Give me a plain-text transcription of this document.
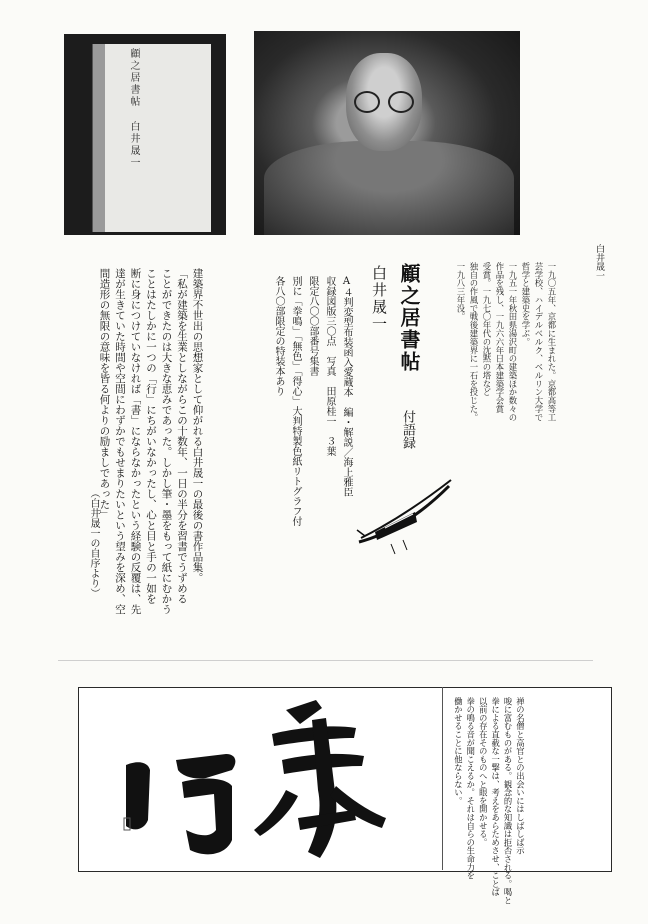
顧之居書帖 白井晟一
白井晟一
一九〇五年、京都に生まれた。京都高等工
芸学校、ハイデルベルク、ベルリン大学で
哲学と建築史を学ぶ。
一九五一年秋田県湯沢町の建築ほか数々の
作品を残し、一九六六年日本建築学会賞
受賞。一九七〇年代の沈黙の塔など
独自の作風で戦後建築界に一石を投じた。
一九八三年没。
顧之居書帖
付語録
白井晟一
A４判変型布装函入愛蔵本　編・解説／海上雅臣
収録図版三〇点　写真　田原桂一　３葉
限定八〇〇部番号集書
別に「拳鳴」「無色」「得心」大判特製色紙リトグラフ付
各八〇部限定の特装本あり
建築界不世出の思想家として仰がれる白井晟一の最後の書作品集。
「私が建築を生業としながらこの十数年、一日の半分を習書でうずめる
ことができたのは大きな恵みであった。しかし筆・墨をもって紙にむかう
ことはたしかに一つの「行」にちがいなかったし、心と目と手の一如を
断に身につけていなければ「書」にならなかったという経験の反覆は、先
達が生きていた時間や空間にわずかでもせまりたいという望みを深め、空
間造形の無限の意味を皆る何よりの励ましであった」
（白井晟一の自序より）
禅の名僧と高官との出会いにはしばしば示
唆に富むものがある。観念的な知識は拒否される。喝と
拳による直截な一撃は、考えをあらためさせ、ことば
以前の存在そのものへと眼を開かせる。
拳の鳴る音が聞こえるか。それは自らの生命力を
働かせることに他ならない。
